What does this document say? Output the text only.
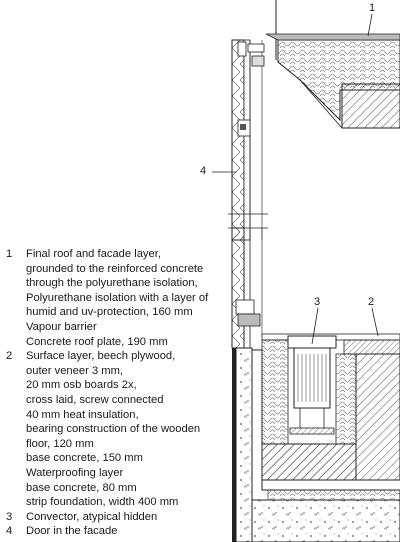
1
4
3	2
1	Final roof and facade layer,
grounded to the reinforced concrete
through the polyurethane isolation,
Polyurethane isolation with a layer of
humid and uv-protection, 160 mm
Vapour barrier
Concrete roof plate, 190 mm
2	Surface layer, beech plywood,
outer veneer 3 mm,
20 mm osb boards 2x,
cross laid, screw connected
40 mm heat insulation,
bearing construction of the wooden
floor, 120 mm
base concrete, 150 mm
Waterproofing layer
base concrete, 80 mm
strip foundation, width 400 mm
3	Convector, atypical hidden
4	Door in the facade
